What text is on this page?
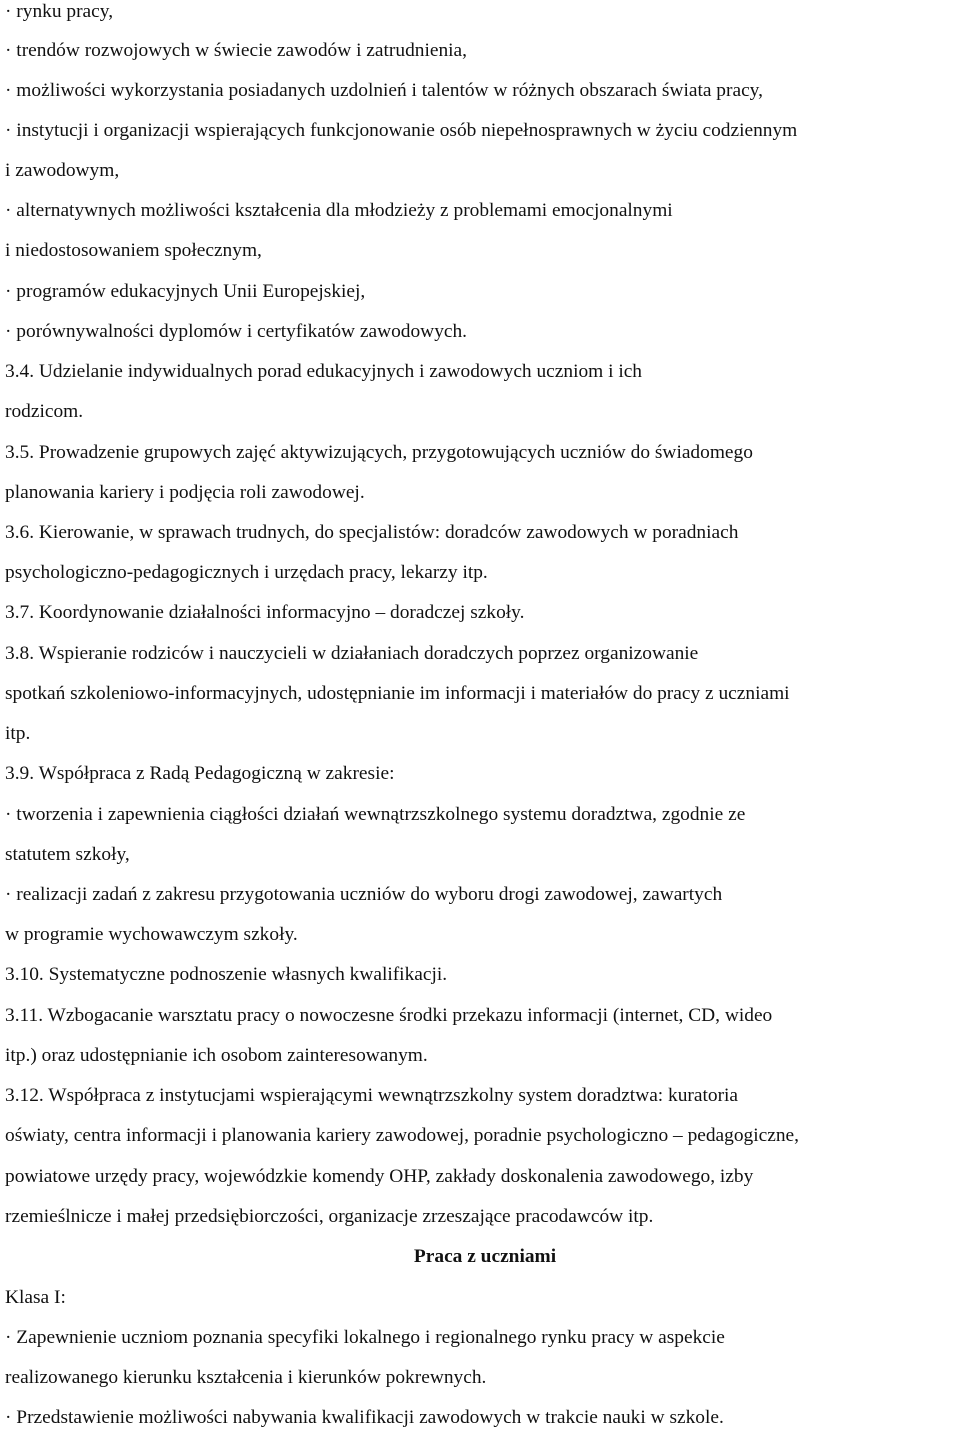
· rynku pracy,
· trendów rozwojowych w świecie zawodów i zatrudnienia,
· możliwości wykorzystania posiadanych uzdolnień i talentów w różnych obszarach świata pracy,
· instytucji i organizacji wspierających funkcjonowanie osób niepełnosprawnych w życiu codziennym
i zawodowym,
· alternatywnych możliwości kształcenia dla młodzieży z problemami emocjonalnymi
i niedostosowaniem społecznym,
· programów edukacyjnych Unii Europejskiej,
· porównywalności dyplomów i certyfikatów zawodowych.
3.4. Udzielanie indywidualnych porad edukacyjnych i zawodowych uczniom i ich
rodzicom.
3.5. Prowadzenie grupowych zajęć aktywizujących, przygotowujących uczniów do świadomego
planowania kariery i podjęcia roli zawodowej.
3.6. Kierowanie, w sprawach trudnych, do specjalistów: doradców zawodowych w poradniach
psychologiczno-pedagogicznych i urzędach pracy, lekarzy itp.
3.7. Koordynowanie działalności informacyjno – doradczej szkoły.
3.8. Wspieranie rodziców i nauczycieli w działaniach doradczych poprzez organizowanie
spotkań szkoleniowo-informacyjnych, udostępnianie im informacji i materiałów do pracy z uczniami
itp.
3.9. Współpraca z Radą Pedagogiczną w zakresie:
· tworzenia i zapewnienia ciągłości działań wewnątrzszkolnego systemu doradztwa, zgodnie ze
statutem szkoły,
· realizacji zadań z zakresu przygotowania uczniów do wyboru drogi zawodowej, zawartych
w programie wychowawczym szkoły.
3.10. Systematyczne podnoszenie własnych kwalifikacji.
3.11. Wzbogacanie warsztatu pracy o nowoczesne środki przekazu informacji (internet, CD, wideo
itp.) oraz udostępnianie ich osobom zainteresowanym.
3.12. Współpraca z instytucjami wspierającymi wewnątrzszkolny system doradztwa: kuratoria
oświaty, centra informacji i planowania kariery zawodowej, poradnie psychologiczno – pedagogiczne,
powiatowe urzędy pracy, wojewódzkie komendy OHP, zakłady doskonalenia zawodowego, izby
rzemieślnicze i małej przedsiębiorczości, organizacje zrzeszające pracodawców itp.
Praca z uczniami
Klasa I:
· Zapewnienie uczniom poznania specyfiki lokalnego i regionalnego rynku pracy w aspekcie
realizowanego kierunku kształcenia i kierunków pokrewnych.
· Przedstawienie możliwości nabywania kwalifikacji zawodowych w trakcie nauki w szkole.
